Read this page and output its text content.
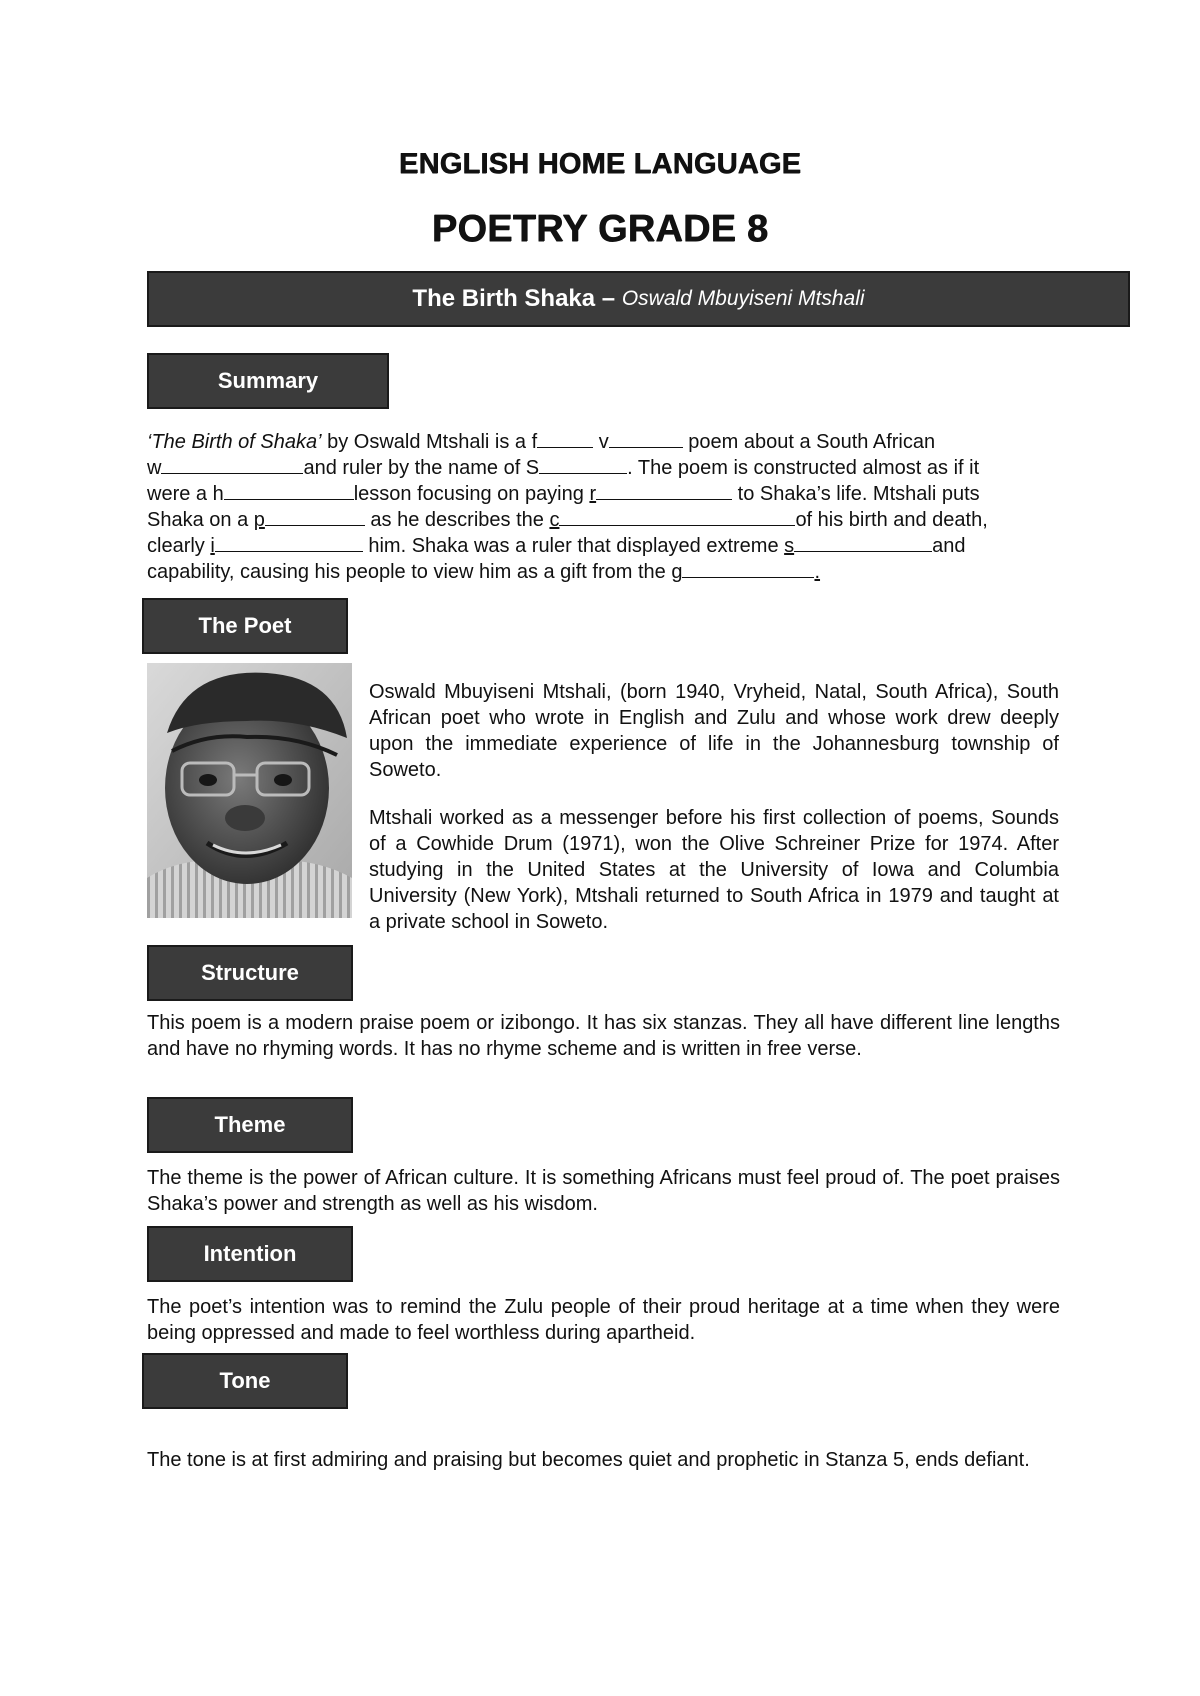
ENGLISH HOME LANGUAGE
POETRY GRADE 8
The Birth Shaka – Oswald Mbuyiseni Mtshali
Summary
‘The Birth of Shaka’ by Oswald Mtshali is a f	v	poem about a South African
w	and ruler by the name of S	. The poem is constructed almost as if it
were a h	lesson focusing on paying r	to Shaka’s life. Mtshali puts
Shaka on a p	as he describes the c	of his birth and death,
clearly i	him. Shaka was a ruler that displayed extreme s	and
capability, causing his people to view him as a gift from the g	.
The Poet
Oswald Mbuyiseni Mtshali, (born 1940, Vryheid, Natal, South Africa), South African poet who wrote in English and Zulu and whose work drew deeply upon the immediate experience of life in the Johannesburg township of Soweto.
Mtshali worked as a messenger before his first collection of poems, Sounds of a Cowhide Drum (1971), won the Olive Schreiner Prize for 1974. After studying in the United States at the University of Iowa and Columbia University (New York), Mtshali returned to South Africa in 1979 and taught at a private school in Soweto.
Structure
This poem is a modern praise poem or izibongo. It has six stanzas. They all have different line lengths and have no rhyming words. It has no rhyme scheme and is written in free verse.
Theme
The theme is the power of African culture. It is something Africans must feel proud of. The poet praises Shaka’s power and strength as well as his wisdom.
Intention
The poet’s intention was to remind the Zulu people of their proud heritage at a time when they were being oppressed and made to feel worthless during apartheid.
Tone
The tone is at first admiring and praising but becomes quiet and prophetic in Stanza 5, ends defiant.
